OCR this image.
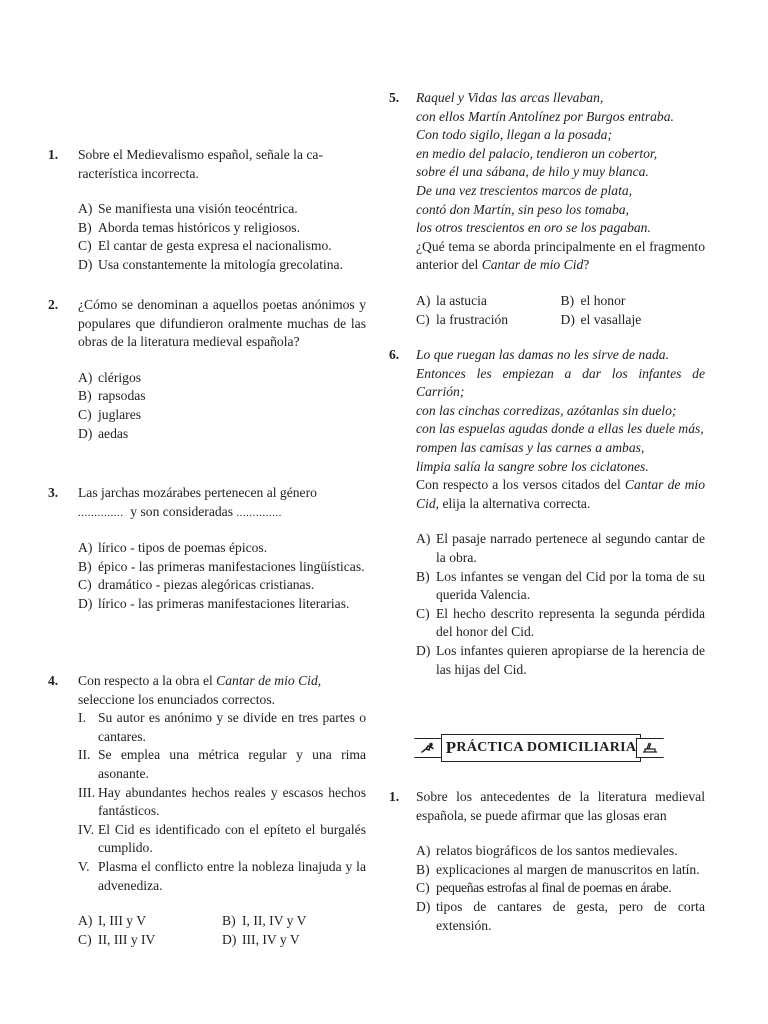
1. Sobre el Medievalismo español, señale la ca-
racterística incorrecta.
A) Se manifiesta una visión teocéntrica.
B) Aborda temas históricos y religiosos.
C) El cantar de gesta expresa el nacionalismo.
D) Usa constantemente la mitología grecolatina.
2. ¿Cómo se denominan a aquellos poetas anónimos y populares que difundieron oralmente muchas de las obras de la literatura medieval española?
A) clérigos
B) rapsodas
C) juglares
D) aedas
3. Las jarchas mozárabes pertenecen al género
.............. y son consideradas ..............
A) lírico - tipos de poemas épicos.
B) épico - las primeras manifestaciones lingüísticas.
C) dramático - piezas alegóricas cristianas.
D) lírico - las primeras manifestaciones literarias.
4. Con respecto a la obra el Cantar de mio Cid, seleccione los enunciados correctos.
I. Su autor es anónimo y se divide en tres partes o cantares.
II. Se emplea una métrica regular y una rima asonante.
III. Hay abundantes hechos reales y escasos hechos fantásticos.
IV. El Cid es identificado con el epíteto el burgalés cumplido.
V. Plasma el conflicto entre la nobleza linajuda y la advenediza.
A) I, III y V	B) I, II, IV y V
C) II, III y IV	D) III, IV y V
5. Raquel y Vidas las arcas llevaban,
con ellos Martín Antolínez por Burgos entraba.
Con todo sigilo, llegan a la posada;
en medio del palacio, tendieron un cobertor,
sobre él una sábana, de hilo y muy blanca.
De una vez trescientos marcos de plata,
contó don Martín, sin peso los tomaba,
los otros trescientos en oro se los pagaban.
¿Qué tema se aborda principalmente en el fragmento anterior del Cantar de mio Cid?
A) la astucia	B) el honor
C) la frustración	D) el vasallaje
6. Lo que ruegan las damas no les sirve de nada.
Entonces les empiezan a dar los infantes de Carrión;
con las cinchas corredizas, azótanlas sin duelo;
con las espuelas agudas donde a ellas les duele más,
rompen las camisas y las carnes a ambas,
limpia salía la sangre sobre los ciclatones.
Con respecto a los versos citados del Cantar de mio Cid, elija la alternativa correcta.
A) El pasaje narrado pertenece al segundo cantar de la obra.
B) Los infantes se vengan del Cid por la toma de su querida Valencia.
C) El hecho descrito representa la segunda pérdida del honor del Cid.
D) Los infantes quieren apropiarse de la herencia de las hijas del Cid.
P RÁCTICA DOMICILIARIA
1. Sobre los antecedentes de la literatura medieval española, se puede afirmar que las glosas eran
A) relatos biográficos de los santos medievales.
B) explicaciones al margen de manuscritos en latín.
C) pequeñas estrofas al final de poemas en árabe.
D) tipos de cantares de gesta, pero de corta extensión.
